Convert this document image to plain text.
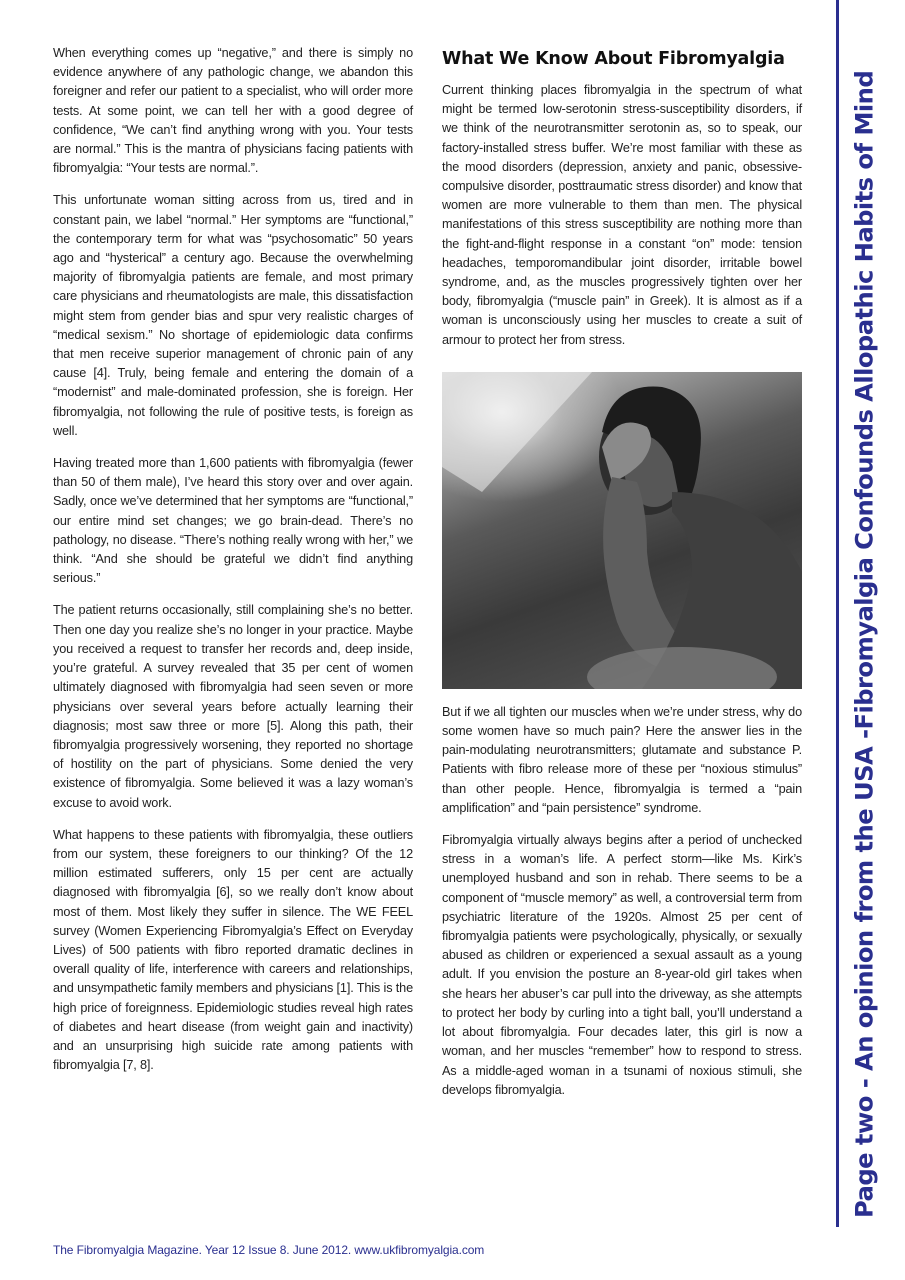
Page two - An opinion from the USA -Fibromyalgia Confounds Allopathic Habits of Mind

When everything comes up “negative,” and there is simply no evidence anywhere of any pathologic change, we abandon this foreigner and refer our patient to a specialist, who will order more tests. At some point, we can tell her with a good degree of confidence, “We can’t find anything wrong with you. Your tests are normal.” This is the mantra of physicians facing patients with fibromyalgia: “Your tests are normal.”.

This unfortunate woman sitting across from us, tired and in constant pain, we label “normal.” Her symptoms are “functional,” the contemporary term for what was “psychosomatic” 50 years ago and “hysterical” a century ago. Because the overwhelming majority of fibromyalgia patients are female, and most primary care physicians and rheumatologists are male, this dissatisfaction might stem from gender bias and spur very realistic charges of “medical sexism.” No shortage of epidemiologic data confirms that men receive superior management of chronic pain of any cause [4]. Truly, being female and entering the domain of a “modernist” and male-dominated profession, she is foreign. Her fibromyalgia, not following the rule of positive tests, is foreign as well.

Having treated more than 1,600 patients with fibromyalgia (fewer than 50 of them male), I’ve heard this story over and over again. Sadly, once we’ve determined that her symptoms are “functional,” our entire mind set changes; we go brain-dead. There’s no pathology, no disease. “There’s nothing really wrong with her,” we think. “And she should be grateful we didn’t find anything serious.”

The patient returns occasionally, still complaining she’s no better. Then one day you realize she’s no longer in your practice. Maybe you received a request to transfer her records and, deep inside, you’re grateful. A survey revealed that 35 per cent of women ultimately diagnosed with fibromyalgia had seen seven or more physicians over several years before actually learning their diagnosis; most saw three or more [5]. Along this path, their fibromyalgia progressively worsening, they reported no shortage of hostility on the part of physicians. Some denied the very existence of fibromyalgia. Some believed it was a lazy woman’s excuse to avoid work.

What happens to these patients with fibromyalgia, these outliers from our system, these foreigners to our thinking? Of the 12 million estimated sufferers, only 15 per cent are actually diagnosed with fibromyalgia [6], so we really don’t know about most of them. Most likely they suffer in silence. The WE FEEL survey (Women Experiencing Fibromyalgia’s Effect on Everyday Lives) of 500 patients with fibro reported dramatic declines in overall quality of life, interference with careers and relationships, and unsympathetic family members and physicians [1]. This is the high price of foreignness. Epidemiologic studies reveal high rates of diabetes and heart disease (from weight gain and inactivity) and an unsurprising high suicide rate among patients with fibromyalgia [7, 8].

What We Know About Fibromyalgia

Current thinking places fibromyalgia in the spectrum of what might be termed low-serotonin stress-susceptibility disorders, if we think of the neurotransmitter serotonin as, so to speak, our factory-installed stress buffer. We’re most familiar with these as the mood disorders (depression, anxiety and panic, obsessive-compulsive disorder, posttraumatic stress disorder) and know that women are more vulnerable to them than men. The physical manifestations of this stress susceptibility are nothing more than the fight-and-flight response in a constant “on” mode: tension headaches, temporomandibular joint disorder, irritable bowel syndrome, and, as the muscles progressively tighten over her body, fibromyalgia (“muscle pain” in Greek). It is almost as if a woman is unconsciously using her muscles to create a suit of armour to protect her from stress.

But if we all tighten our muscles when we’re under stress, why do some women have so much pain? Here the answer lies in the pain-modulating neurotransmitters; glutamate and substance P. Patients with fibro release more of these per “noxious stimulus” than other people. Hence, fibromyalgia is termed a “pain amplification” and “pain persistence” syndrome.

Fibromyalgia virtually always begins after a period of unchecked stress in a woman’s life. A perfect storm—like Ms. Kirk’s unemployed husband and son in rehab. There seems to be a component of “muscle memory” as well, a controversial term from psychiatric literature of the 1920s. Almost 25 per cent of fibromyalgia patients were psychologically, physically, or sexually abused as children or experienced a sexual assault as a young adult. If you envision the posture an 8-year-old girl takes when she hears her abuser’s car pull into the driveway, as she attempts to protect her body by curling into a tight ball, you’ll understand a lot about fibromyalgia. Four decades later, this girl is now a woman, and her muscles “remember” how to respond to stress. As a middle-aged woman in a tsunami of noxious stimuli, she develops fibromyalgia.

The Fibromyalgia Magazine. Year 12 Issue 8. June 2012. www.ukfibromyalgia.com
